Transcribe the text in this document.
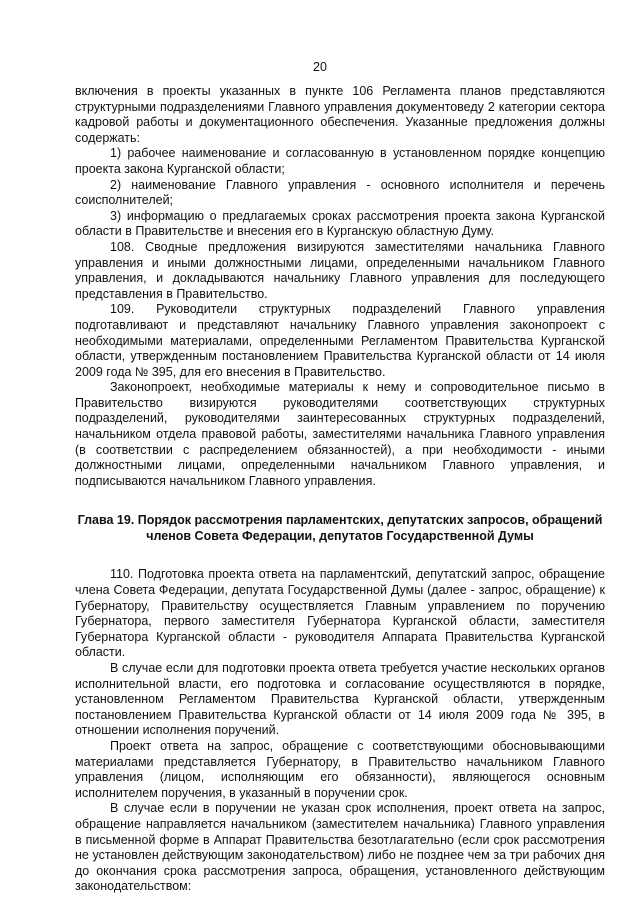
20

включения в проекты указанных в пункте 106 Регламента планов представляются структурными подразделениями Главного управления документоведу 2 категории сектора кадровой работы и документационного обеспечения. Указанные предложения должны содержать:

1) рабочее наименование и согласованную в установленном порядке концепцию проекта закона Курганской области;

2) наименование Главного управления - основного исполнителя и перечень соисполнителей;

3) информацию о предлагаемых сроках рассмотрения проекта закона Курганской области в Правительстве и внесения его в Курганскую областную Думу.

108. Сводные предложения визируются заместителями начальника Главного управления и иными должностными лицами, определенными начальником Главного управления, и докладываются начальнику Главного управления для последующего представления в Правительство.

109. Руководители структурных подразделений Главного управления подготавливают и представляют начальнику Главного управления законопроект с необходимыми материалами, определенными Регламентом Правительства Курганской области, утвержденным постановлением Правительства Курганской области от 14 июля 2009 года № 395, для его внесения в Правительство.

Законопроект, необходимые материалы к нему и сопроводительное письмо в Правительство визируются руководителями соответствующих структурных подразделений, руководителями заинтересованных структурных подразделений, начальником отдела правовой работы, заместителями начальника Главного управления (в соответствии с распределением обязанностей), а при необходимости - иными должностными лицами, определенными начальником Главного управления, и подписываются начальником Главного управления.

Глава 19. Порядок рассмотрения парламентских, депутатских запросов, обращений членов Совета Федерации, депутатов Государственной Думы

110. Подготовка проекта ответа на парламентский, депутатский запрос, обращение члена Совета Федерации, депутата Государственной Думы (далее - запрос, обращение) к Губернатору, Правительству осуществляется Главным управлением по поручению Губернатора, первого заместителя Губернатора Курганской области, заместителя Губернатора Курганской области - руководителя Аппарата Правительства Курганской области.

В случае если для подготовки проекта ответа требуется участие нескольких органов исполнительной власти, его подготовка и согласование осуществляются в порядке, установленном Регламентом Правительства Курганской области, утвержденным постановлением Правительства Курганской области от 14 июля 2009 года № 395, в отношении исполнения поручений.

Проект ответа на запрос, обращение с соответствующими обосновывающими материалами представляется Губернатору, в Правительство начальником Главного управления (лицом, исполняющим его обязанности), являющегося основным исполнителем поручения, в указанный в поручении срок.

В случае если в поручении не указан срок исполнения, проект ответа на запрос, обращение направляется начальником (заместителем начальника) Главного управления в письменной форме в Аппарат Правительства безотлагательно (если срок рассмотрения не установлен действующим законодательством) либо не позднее чем за три рабочих дня до окончания срока рассмотрения запроса, обращения, установленного действующим законодательством:
